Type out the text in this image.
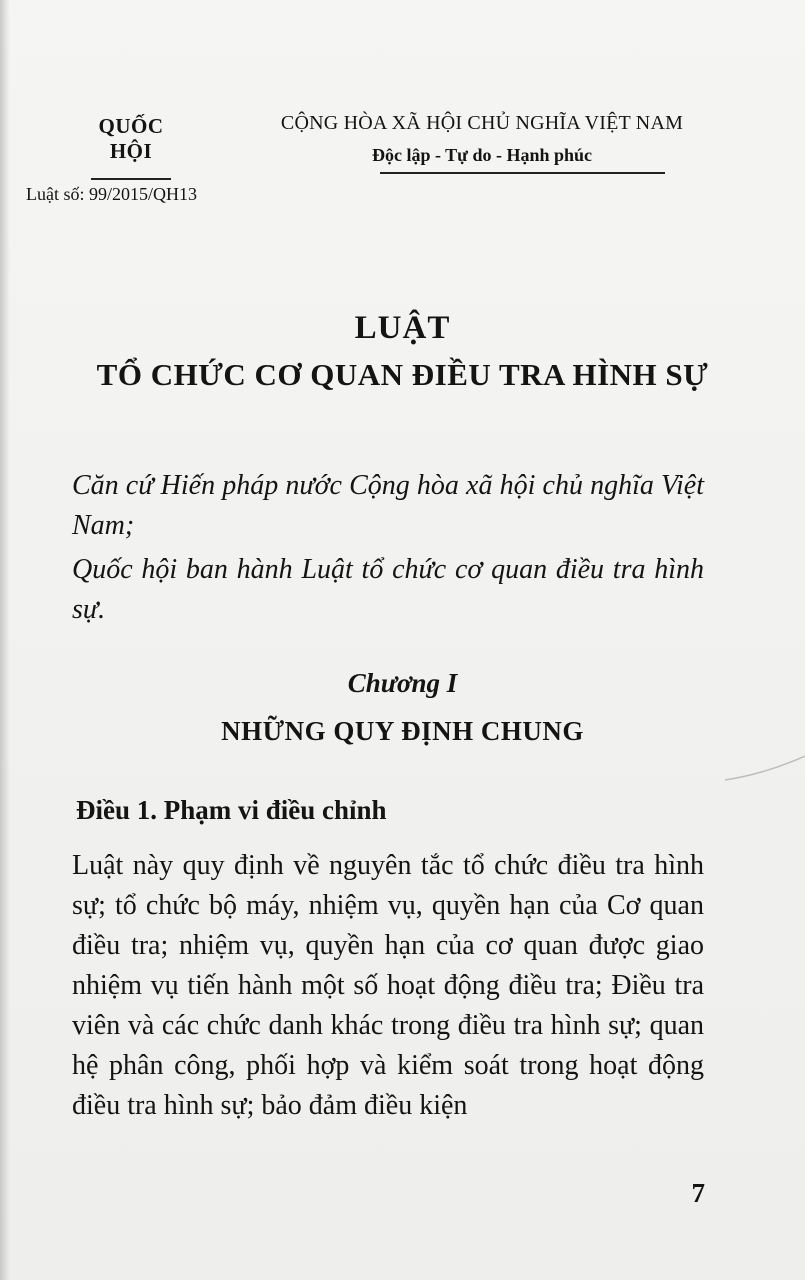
QUỐC HỘI
Luật số: 99/2015/QH13
CỘNG HÒA XÃ HỘI CHỦ NGHĨA VIỆT NAM
Độc lập - Tự do - Hạnh phúc
LUẬT
TỔ CHỨC CƠ QUAN ĐIỀU TRA HÌNH SỰ

Căn cứ Hiến pháp nước Cộng hòa xã hội chủ nghĩa Việt Nam;

Quốc hội ban hành Luật tổ chức cơ quan điều tra hình sự.

Chương I
NHỮNG QUY ĐỊNH CHUNG
Điều 1. Phạm vi điều chỉnh

Luật này quy định về nguyên tắc tổ chức điều tra hình sự; tổ chức bộ máy, nhiệm vụ, quyền hạn của Cơ quan điều tra; nhiệm vụ, quyền hạn của cơ quan được giao nhiệm vụ tiến hành một số hoạt động điều tra; Điều tra viên và các chức danh khác trong điều tra hình sự; quan hệ phân công, phối hợp và kiểm soát trong hoạt động điều tra hình sự; bảo đảm điều kiện

7
